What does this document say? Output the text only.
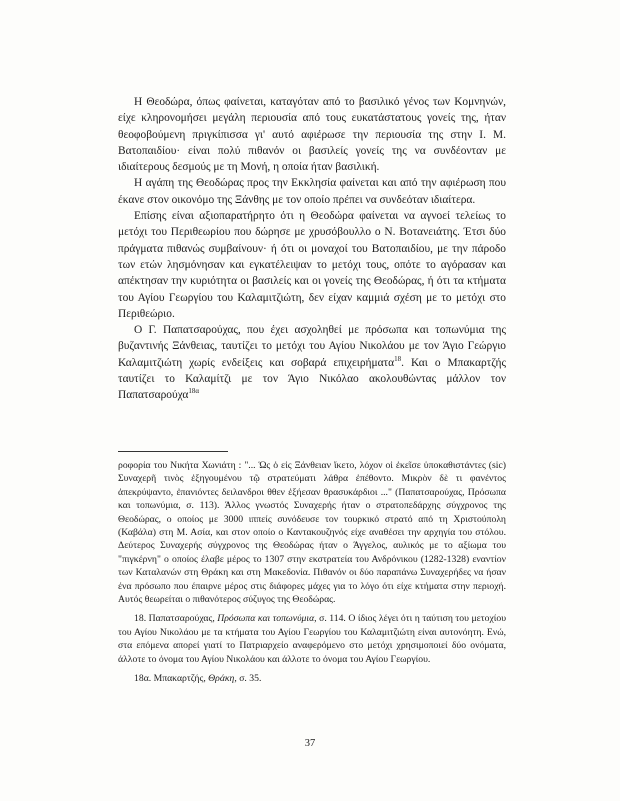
Η Θεοδώρα, όπως φαίνεται, καταγόταν από το βασιλικό γένος των Κομνηνών, είχε κληρονομήσει μεγάλη περιουσία από τους ευκατάστατους γονείς της, ήταν θεοφοβούμενη πριγκίπισσα γι' αυτό αφιέρωσε την περιουσία της στην Ι. Μ. Βατοπαιδίου· είναι πολύ πιθανόν οι βασιλείς γονείς της να συνδέονταν με ιδιαίτερους δεσμούς με τη Μονή, η οποία ήταν βασιλική.

Η αγάπη της Θεοδώρας προς την Εκκλησία φαίνεται και από την αφιέρωση που έκανε στον οικονόμο της Ξάνθης με τον οποίο πρέπει να συνδεόταν ιδιαίτερα.

Επίσης είναι αξιοπαρατήρητο ότι η Θεοδώρα φαίνεται να αγνοεί τελείως το μετόχι του Περιθεωρίου που δώρησε με χρυσόβουλλο ο Ν. Βοτανειάτης. Έτσι δύο πράγματα πιθανώς συμβαίνουν· ή ότι οι μοναχοί του Βατοπαιδίου, με την πάροδο των ετών λησμόνησαν και εγκατέλειψαν το μετόχι τους, οπότε το αγόρασαν και απέκτησαν την κυριότητα οι βασιλείς και οι γονείς της Θεοδώρας, ή ότι τα κτήματα του Αγίου Γεωργίου του Καλαμιτζιώτη, δεν είχαν καμμιά σχέση με το μετόχι στο Περιθεώριο.

Ο Γ. Παπατσαρούχας, που έχει ασχοληθεί με πρόσωπα και τοπωνύμια της βυζαντινής Ξάνθειας, ταυτίζει το μετόχι του Αγίου Νικολάου με τον Άγιο Γεώργιο Καλαμιτζιώτη χωρίς ενδείξεις και σοβαρά επιχειρήματα$^{18}$. Και ο Μπακαρτζής ταυτίζει το Καλαμίτζι με τον Άγιο Νικόλαο ακολουθώντας μάλλον τον Παπατσαρούχα$^{18\alpha}$

ροφορία του Νικήτα Χωνιάτη : "... Ὡς ὁ εἰς Ξάνθειαν ἵκετο, λόχον οἱ ἐκεῖσε ὑποκαθιστάντες (sic) Συναχερῆ τινὸς ἐξηγουμένου τῷ στρατεύματι λάθρα ἐπέθοντο. Μικρὸν δὲ τι φανέντος ἀπεκρύψαντο, ἐπανιόντες δειλανδροι θθεν ἐξήεσαν θρασυκάρδιοι ..." (Παπατσαρούχας, Πρόσωπα και τοπωνύμια, σ. 113). Άλλος γνωστός Συναχερής ήταν ο στρατοπεδάρχης σύγχρονος της Θεοδώρας, ο οποίος με 3000 ιππείς συνόδευσε τον τουρκικό στρατό από τη Χριστούπολη (Καβάλα) στη Μ. Ασία, και στον οποίο ο Καντακουζηνός είχε αναθέσει την αρχηγία του στόλου. Δεύτερος Συναχερής σύγχρονος της Θεοδώρας ήταν ο Άγγελος, αυλικός με το αξίωμα του "πιγκέρνη" ο οποίος έλαβε μέρος το 1307 στην εκστρατεία του Ανδρόνικου (1282-1328) εναντίον των Καταλανών στη Θράκη και στη Μακεδονία. Πιθανόν οι δύο παραπάνω Συναχερήδες να ήσαν ένα πρόσωπο που έπαιρνε μέρος στις διάφορες μάχες για το λόγο ότι είχε κτήματα στην περιοχή. Αυτός θεωρείται ο πιθανότερος σύζυγος της Θεοδώρας.

18. Παπατσαρούχας, Πρόσωπα και τοπωνύμια, σ. 114. Ο ίδιος λέγει ότι η ταύτιση του μετοχίου του Αγίου Νικολάου με τα κτήματα του Αγίου Γεωργίου του Καλαμιτζιώτη είναι αυτονόητη. Ενώ, στα επόμενα απορεί γιατί το Πατριαρχείο αναφερόμενο στο μετόχι χρησιμοποιεί δύο ονόματα, άλλοτε το όνομα του Αγίου Νικολάου και άλλοτε το όνομα του Αγίου Γεωργίου.

18α. Μπακαρτζής, Θράκη, σ. 35.

37
